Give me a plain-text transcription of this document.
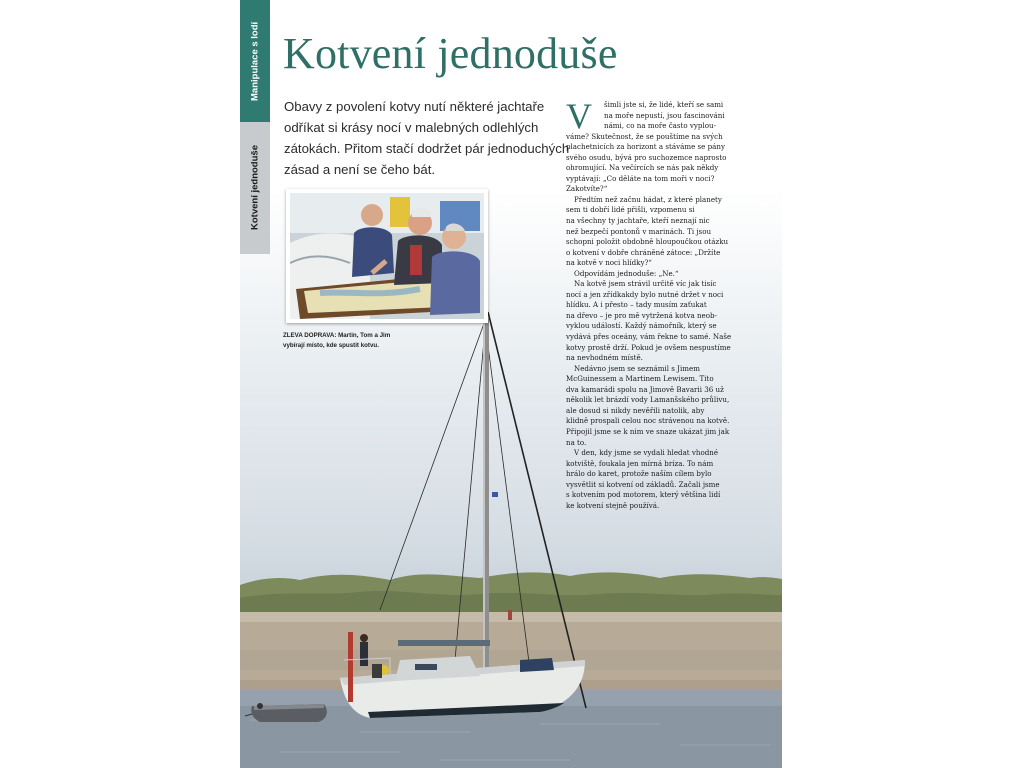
Manipulace s lodí
Kotvení jednoduše
Kotvení jednoduše
Obavy z povolení kotvy nutí některé jachtaře
odříkat si krásy nocí v malebných odlehlých
zátokách. Přitom stačí dodržet pár jednoduchých
zásad a není se čeho bát.
ZLEVA DOPRAVA: Martin, Tom a Jim
vybírají místo, kde spustit kotvu.
V	šimli jste si, že lidé, kteří se sami
na moře nepustí, jsou fascinováni
námi, co na moře často vyplou-
váme? Skutečnost, že se pouštíme na svých
plachetnicích za horizont a stáváme se pány
svého osudu, bývá pro suchozemce naprosto
ohromující. Na večírcích se nás pak někdy
vyptávají: „Co děláte na tom moři v noci?
Zakotvíte?“
Předtím než začnu hádat, z které planety
sem ti dobří lidé přišli, vzpomenu si
na všechny ty jachtaře, kteří neznají nic
než bezpečí pontonů v marinách. Ti jsou
schopni položit obdobně hloupoučkou otázku
o kotvení v dobře chráněné zátoce: „Držíte
na kotvě v noci hlídky?“
Odpovídám jednoduše: „Ne.“
Na kotvě jsem strávil určitě víc jak tisíc
nocí a jen zřídkakdy bylo nutné držet v noci
hlídku. A i přesto – tady musím zaťukat
na dřevo – je pro mě vytržená kotva neob-
vyklou událostí. Každý námořník, který se
vydává přes oceány, vám řekne to samé. Naše
kotvy prostě drží. Pokud je ovšem nespustíme
na nevhodném místě.
Nedávno jsem se seznámil s Jimem
McGuinessem a Martinem Lewisem. Tito
dva kamarádi spolu na Jimově Bavarii 36 už
několik let brázdí vody Lamanšského průlivu,
ale dosud si nikdy nevěřili natolik, aby
klidně prospali celou noc strávenou na kotvě.
Připojil jsme se k nim ve snaze ukázat jim jak
na to.
V den, kdy jsme se vydali hledat vhodné
kotviště, foukala jen mírná bríza. To nám
hrálo do karet, protože naším cílem bylo
vysvětlit si kotvení od základů. Začali jsme
s kotvením pod motorem, který většina lidí
ke kotvení stejně používá.
